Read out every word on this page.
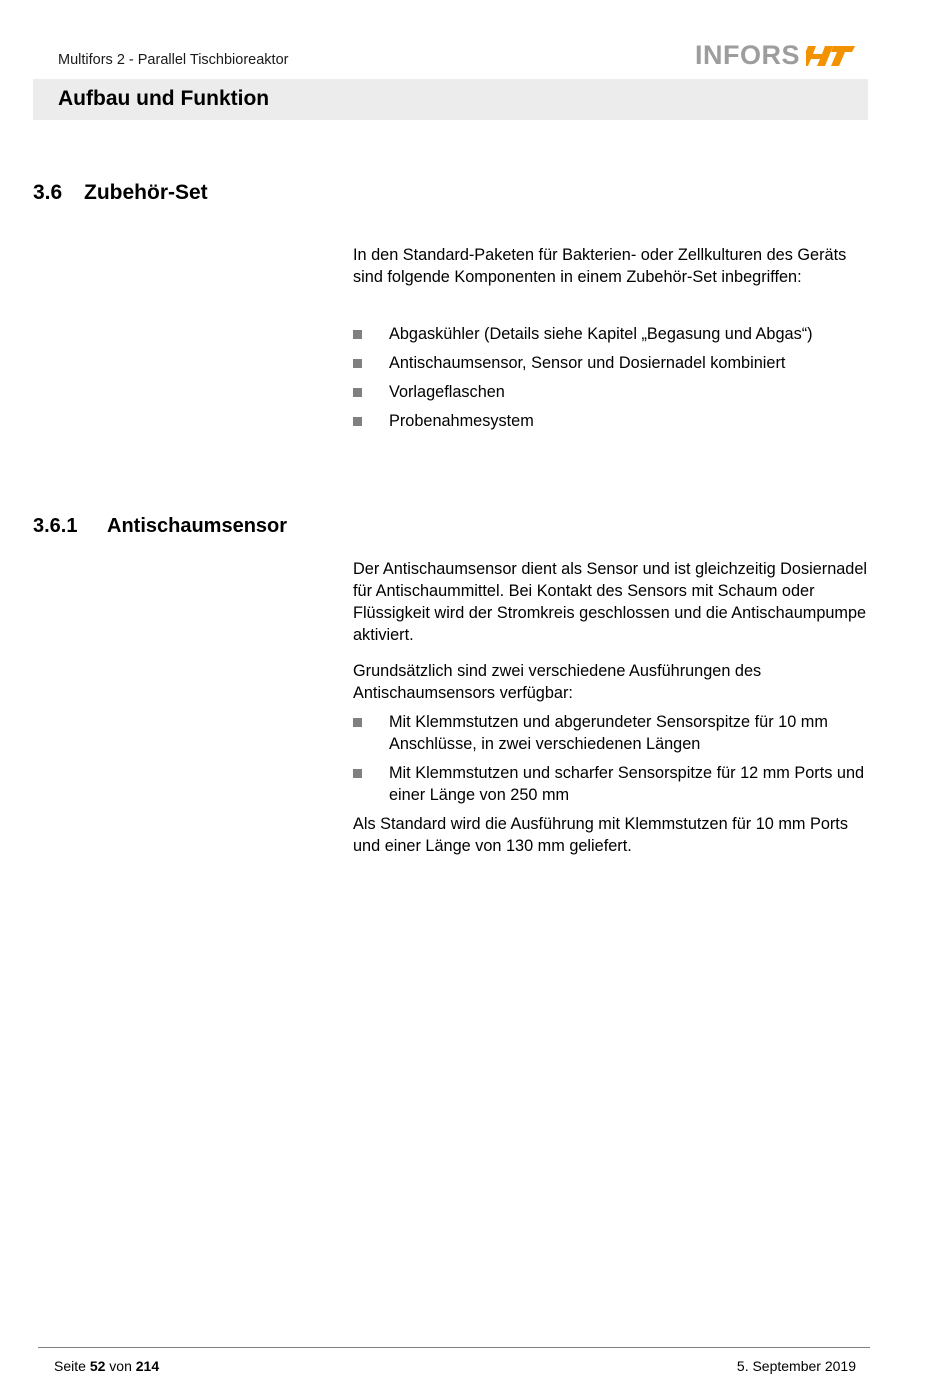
Multifors 2 - Parallel Tischbioreaktor	INFORS
Aufbau und Funktion
3.6 Zubehör-Set

In den Standard-Paketen für Bakterien- oder Zellkulturen des Geräts sind folgende Komponenten in einem Zubehör-Set inbegriffen:

Abgaskühler (Details siehe Kapitel „Begasung und Abgas“)
Antischaumsensor, Sensor und Dosiernadel kombiniert
Vorlageflaschen
Probenahmesystem
3.6.1 Antischaumsensor

Der Antischaumsensor dient als Sensor und ist gleichzeitig Dosiernadel für Antischaummittel. Bei Kontakt des Sensors mit Schaum oder Flüssigkeit wird der Stromkreis geschlossen und die Antischaumpumpe aktiviert.

Grundsätzlich sind zwei verschiedene Ausführungen des Antischaumsensors verfügbar:

Mit Klemmstutzen und abgerundeter Sensorspitze für 10 mm Anschlüsse, in zwei verschiedenen Längen
Mit Klemmstutzen und scharfer Sensorspitze für 12 mm Ports und einer Länge von 250 mm

Als Standard wird die Ausführung mit Klemmstutzen für 10 mm Ports und einer Länge von 130 mm geliefert.

Seite 52 von 214	5. September 2019
